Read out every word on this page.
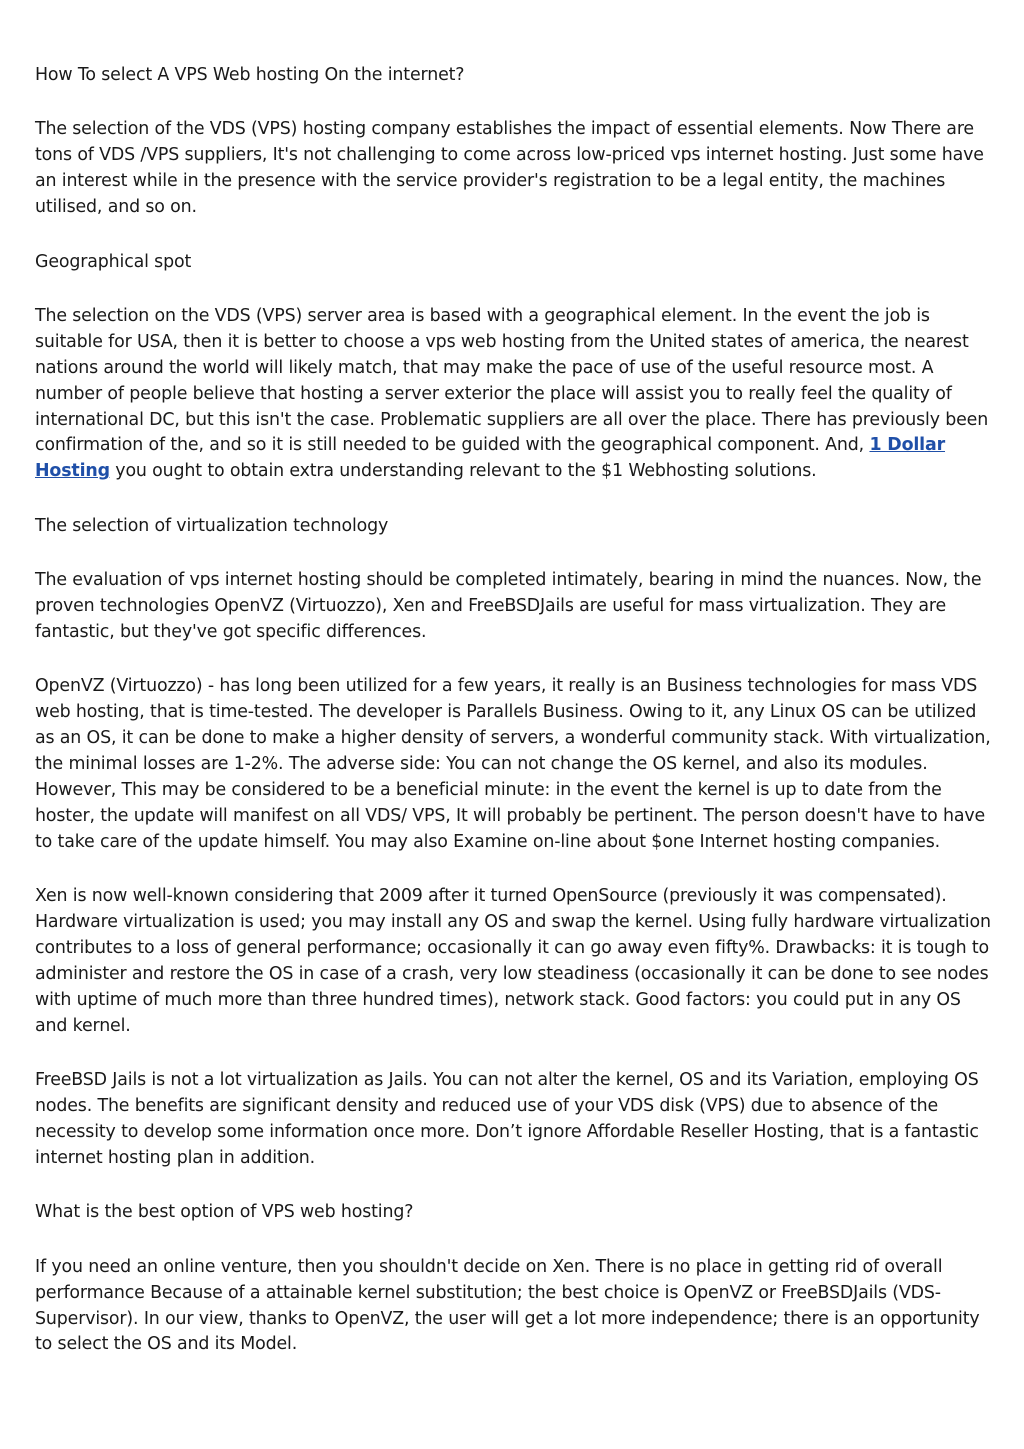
How To select A VPS Web hosting On the internet?

The selection of the VDS (VPS) hosting company establishes the impact of essential elements. Now There are tons of VDS /VPS suppliers, It's not challenging to come across low-priced vps internet hosting. Just some have an interest while in the presence with the service provider's registration to be a legal entity, the machines utilised, and so on.

Geographical spot

The selection on the VDS (VPS) server area is based with a geographical element. In the event the job is suitable for USA, then it is better to choose a vps web hosting from the United states of america, the nearest nations around the world will likely match, that may make the pace of use of the useful resource most. A number of people believe that hosting a server exterior the place will assist you to really feel the quality of international DC, but this isn't the case. Problematic suppliers are all over the place. There has previously been confirmation of the, and so it is still needed to be guided with the geographical component. And, 1 Dollar Hosting you ought to obtain extra understanding relevant to the $1 Webhosting solutions.

The selection of virtualization technology

The evaluation of vps internet hosting should be completed intimately, bearing in mind the nuances. Now, the proven technologies OpenVZ (Virtuozzo), Xen and FreeBSDJails are useful for mass virtualization. They are fantastic, but they've got specific differences.

OpenVZ (Virtuozzo) - has long been utilized for a few years, it really is an Business technologies for mass VDS web hosting, that is time-tested. The developer is Parallels Business. Owing to it, any Linux OS can be utilized as an OS, it can be done to make a higher density of servers, a wonderful community stack. With virtualization, the minimal losses are 1-2%. The adverse side: You can not change the OS kernel, and also its modules. However, This may be considered to be a beneficial minute: in the event the kernel is up to date from the hoster, the update will manifest on all VDS/ VPS, It will probably be pertinent. The person doesn't have to have to take care of the update himself. You may also Examine on-line about $one Internet hosting companies.

Xen is now well-known considering that 2009 after it turned OpenSource (previously it was compensated). Hardware virtualization is used; you may install any OS and swap the kernel. Using fully hardware virtualization contributes to a loss of general performance; occasionally it can go away even fifty%. Drawbacks: it is tough to administer and restore the OS in case of a crash, very low steadiness (occasionally it can be done to see nodes with uptime of much more than three hundred times), network stack. Good factors: you could put in any OS and kernel.

FreeBSD Jails is not a lot virtualization as Jails. You can not alter the kernel, OS and its Variation, employing OS nodes. The benefits are significant density and reduced use of your VDS disk (VPS) due to absence of the necessity to develop some information once more. Don’t ignore Affordable Reseller Hosting, that is a fantastic internet hosting plan in addition.

What is the best option of VPS web hosting?

If you need an online venture, then you shouldn't decide on Xen. There is no place in getting rid of overall performance Because of a attainable kernel substitution; the best choice is OpenVZ or FreeBSDJails (VDS-Supervisor). In our view, thanks to OpenVZ, the user will get a lot more independence; there is an opportunity to select the OS and its Model.
